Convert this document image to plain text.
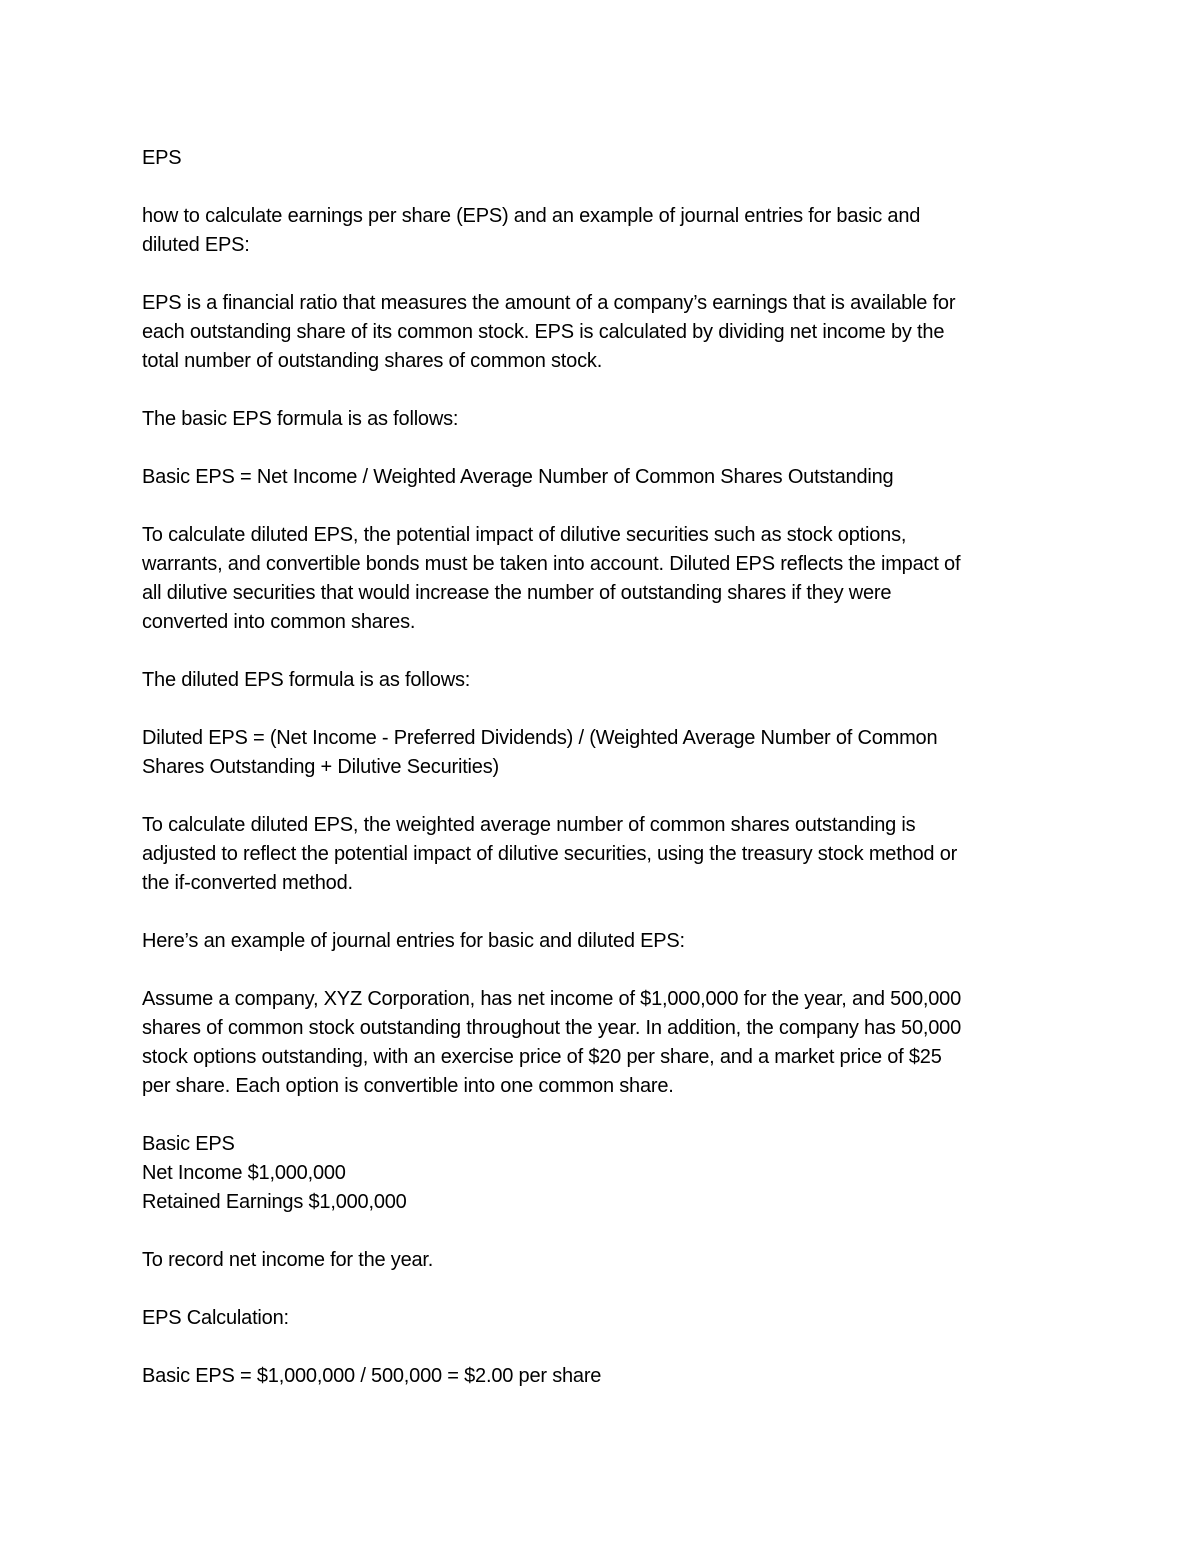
EPS

how to calculate earnings per share (EPS) and an example of journal entries for basic and
diluted EPS:

EPS is a financial ratio that measures the amount of a company’s earnings that is available for
each outstanding share of its common stock. EPS is calculated by dividing net income by the
total number of outstanding shares of common stock.

The basic EPS formula is as follows:

Basic EPS = Net Income / Weighted Average Number of Common Shares Outstanding

To calculate diluted EPS, the potential impact of dilutive securities such as stock options,
warrants, and convertible bonds must be taken into account. Diluted EPS reflects the impact of
all dilutive securities that would increase the number of outstanding shares if they were
converted into common shares.

The diluted EPS formula is as follows:

Diluted EPS = (Net Income - Preferred Dividends) / (Weighted Average Number of Common
Shares Outstanding + Dilutive Securities)

To calculate diluted EPS, the weighted average number of common shares outstanding is
adjusted to reflect the potential impact of dilutive securities, using the treasury stock method or
the if-converted method.

Here’s an example of journal entries for basic and diluted EPS:

Assume a company, XYZ Corporation, has net income of $1,000,000 for the year, and 500,000
shares of common stock outstanding throughout the year. In addition, the company has 50,000
stock options outstanding, with an exercise price of $20 per share, and a market price of $25
per share. Each option is convertible into one common share.

Basic EPS
Net Income $1,000,000
Retained Earnings $1,000,000

To record net income for the year.

EPS Calculation:

Basic EPS = $1,000,000 / 500,000 = $2.00 per share
